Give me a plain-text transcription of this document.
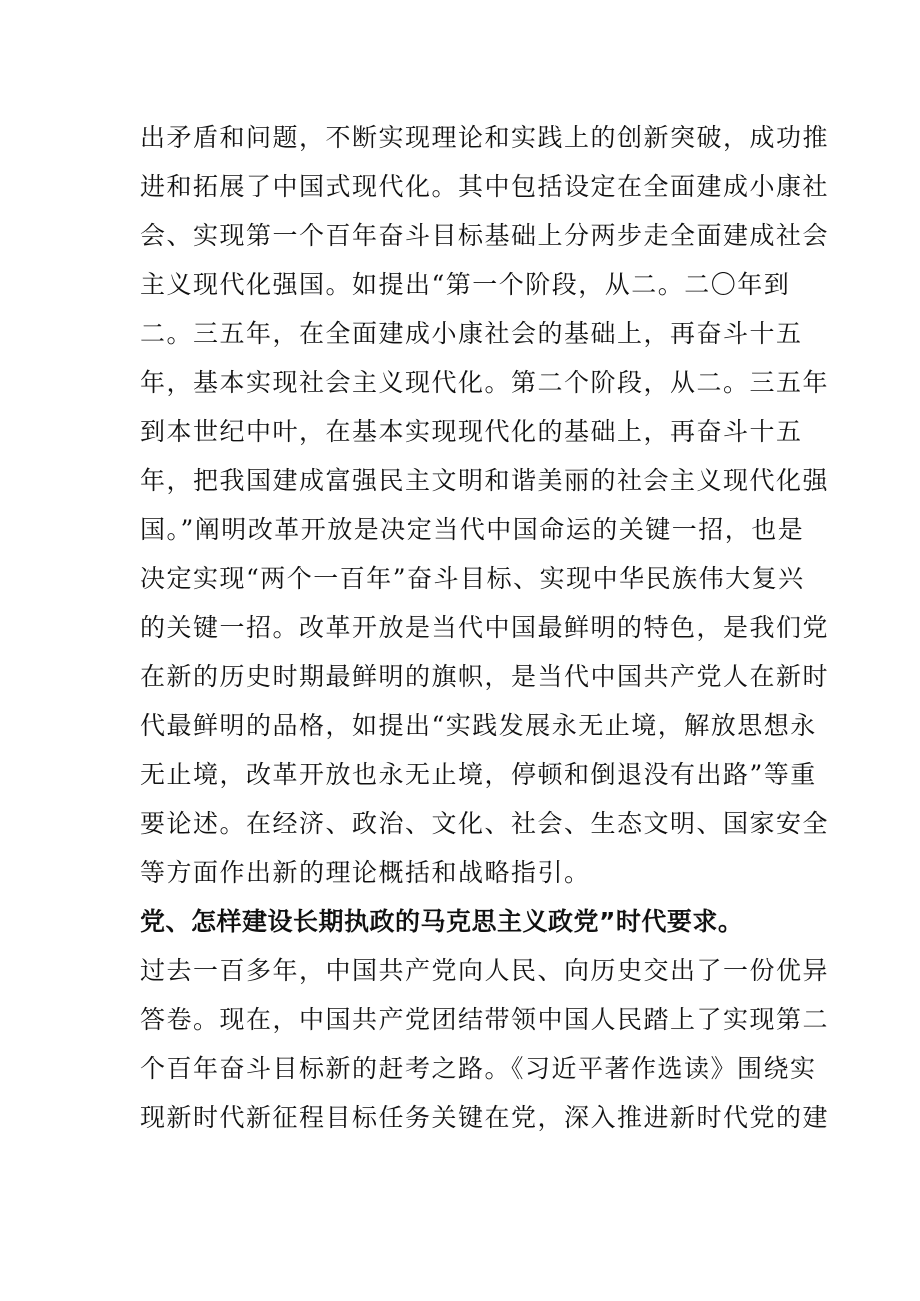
出矛盾和问题，不断实现理论和实践上的创新突破，成功推
进和拓展了中国式现代化。其中包括设定在全面建成小康社
会、实现第一个百年奋斗目标基础上分两步走全面建成社会
主义现代化强国。如提出“第一个阶段，从二。二〇年到
二。三五年，在全面建成小康社会的基础上，再奋斗十五
年，基本实现社会主义现代化。第二个阶段，从二。三五年
到本世纪中叶，在基本实现现代化的基础上，再奋斗十五
年，把我国建成富强民主文明和谐美丽的社会主义现代化强
国。”阐明改革开放是决定当代中国命运的关键一招，也是
决定实现“两个一百年”奋斗目标、实现中华民族伟大复兴
的关键一招。改革开放是当代中国最鲜明的特色，是我们党
在新的历史时期最鲜明的旗帜，是当代中国共产党人在新时
代最鲜明的品格，如提出“实践发展永无止境，解放思想永
无止境，改革开放也永无止境，停顿和倒退没有出路”等重
要论述。在经济、政治、文化、社会、生态文明、国家安全
等方面作出新的理论概括和战略指引。
党、怎样建设长期执政的马克思主义政党”时代要求。
过去一百多年，中国共产党向人民、向历史交出了一份优异
答卷。现在，中国共产党团结带领中国人民踏上了实现第二
个百年奋斗目标新的赶考之路。《习近平著作选读》围绕实
现新时代新征程目标任务关键在党，深入推进新时代党的建
